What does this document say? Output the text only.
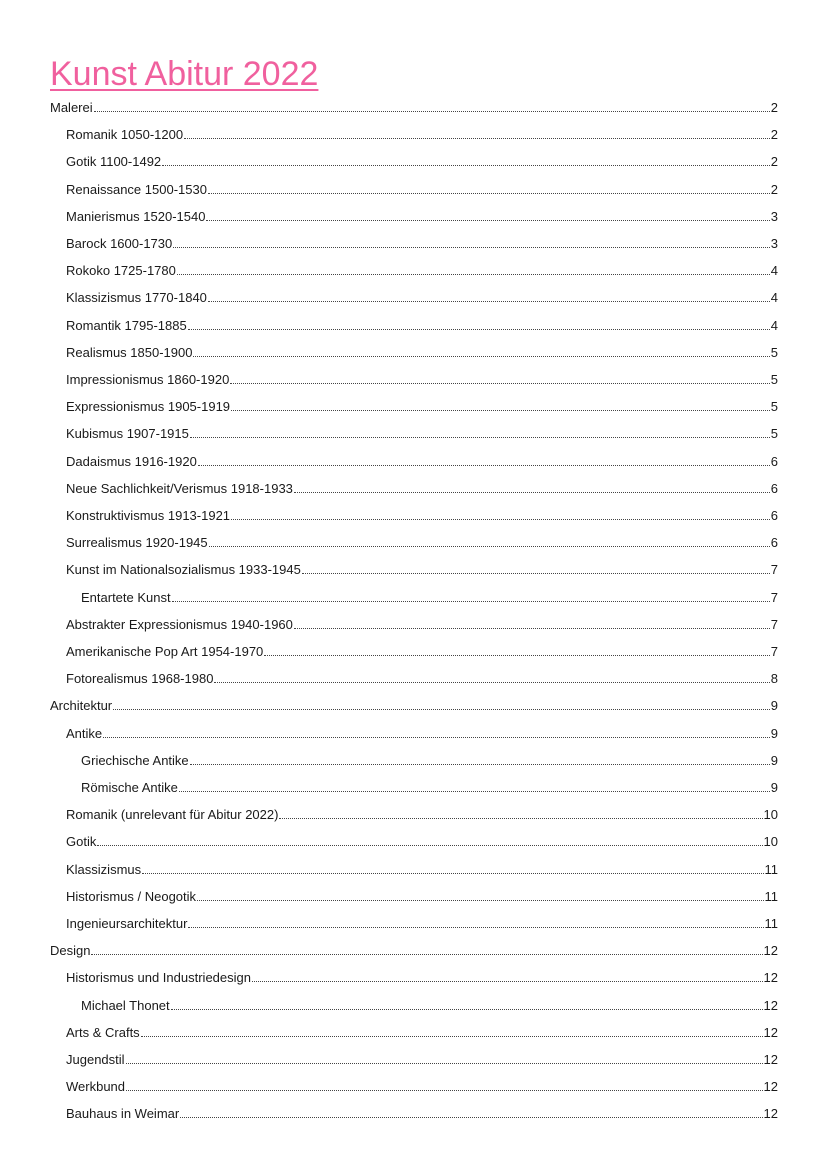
Kunst Abitur 2022
Malerei	2
Romanik 1050-1200	2
Gotik 1100-1492	2
Renaissance 1500-1530	2
Manierismus 1520-1540	3
Barock 1600-1730	3
Rokoko 1725-1780	4
Klassizismus 1770-1840	4
Romantik 1795-1885	4
Realismus 1850-1900	5
Impressionismus 1860-1920	5
Expressionismus 1905-1919	5
Kubismus 1907-1915	5
Dadaismus 1916-1920	6
Neue Sachlichkeit/Verismus 1918-1933	6
Konstruktivismus 1913-1921	6
Surrealismus 1920-1945	6
Kunst im Nationalsozialismus 1933-1945	7
Entartete Kunst	7
Abstrakter Expressionismus 1940-1960	7
Amerikanische Pop Art 1954-1970	7
Fotorealismus 1968-1980	8
Architektur	9
Antike	9
Griechische Antike	9
Römische Antike	9
Romanik (unrelevant für Abitur 2022)	10
Gotik	10
Klassizismus	11
Historismus / Neogotik	11
Ingenieursarchitektur	11
Design	12
Historismus und Industriedesign	12
Michael Thonet	12
Arts & Crafts	12
Jugendstil	12
Werkbund	12
Bauhaus in Weimar	12
